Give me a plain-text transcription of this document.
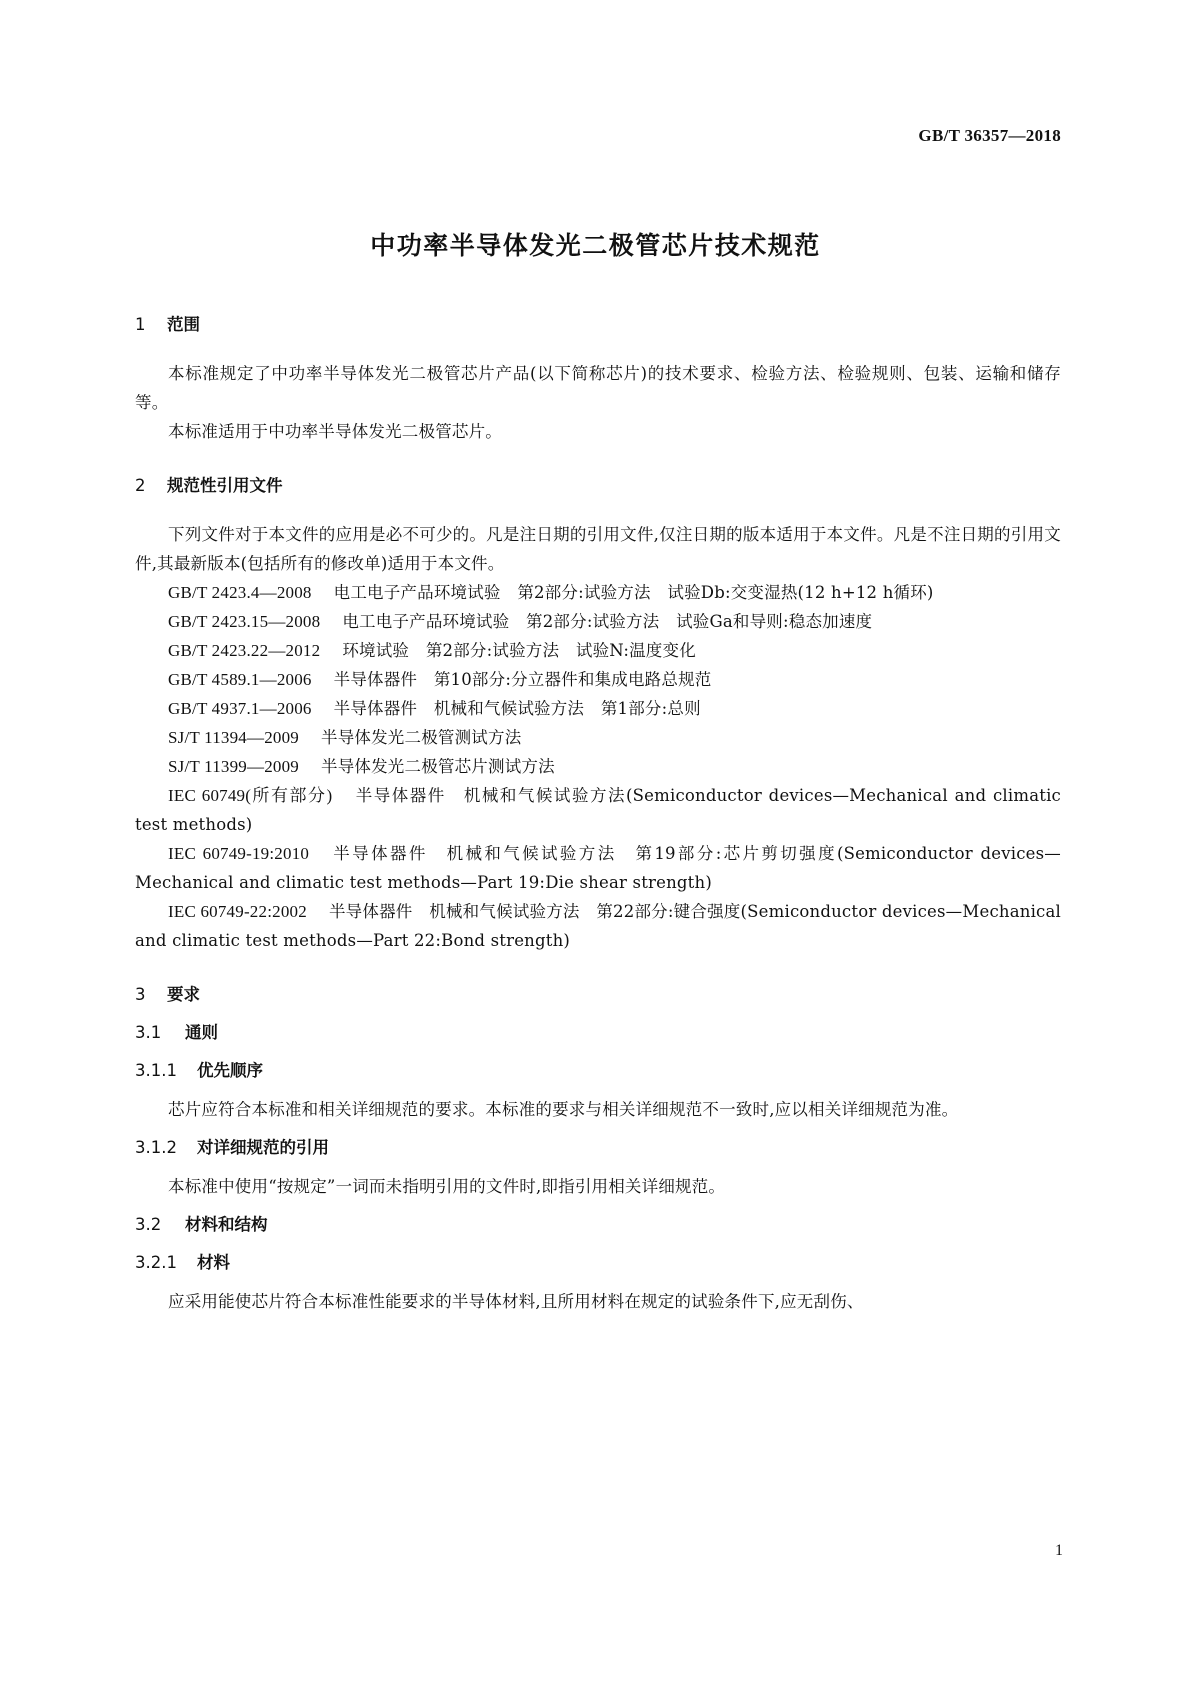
GB/T 36357—2018
中功率半导体发光二极管芯片技术规范
1 范围

本标准规定了中功率半导体发光二极管芯片产品(以下简称芯片)的技术要求、检验方法、检验规则、包装、运输和储存等。

本标准适用于中功率半导体发光二极管芯片。

2 规范性引用文件

下列文件对于本文件的应用是必不可少的。凡是注日期的引用文件,仅注日期的版本适用于本文件。凡是不注日期的引用文件,其最新版本(包括所有的修改单)适用于本文件。

GB/T 2423.4—2008 电工电子产品环境试验　第2部分:试验方法　试验Db:交变湿热(12 h+12 h循环)

GB/T 2423.15—2008 电工电子产品环境试验　第2部分:试验方法　试验Ga和导则:稳态加速度

GB/T 2423.22—2012 环境试验　第2部分:试验方法　试验N:温度变化

GB/T 4589.1—2006 半导体器件　第10部分:分立器件和集成电路总规范

GB/T 4937.1—2006 半导体器件　机械和气候试验方法　第1部分:总则

SJ/T 11394—2009 半导体发光二极管测试方法

SJ/T 11399—2009 半导体发光二极管芯片测试方法

IEC 60749(所有部分) 半导体器件　机械和气候试验方法(Semiconductor devices—Mechanical and climatic test methods)

IEC 60749-19:2010 半导体器件　机械和气候试验方法　第19部分:芯片剪切强度(Semiconductor devices—Mechanical and climatic test methods—Part 19:Die shear strength)

IEC 60749-22:2002 半导体器件　机械和气候试验方法　第22部分:键合强度(Semiconductor devices—Mechanical and climatic test methods—Part 22:Bond strength)

3 要求
3.1 通则
3.1.1 优先顺序

芯片应符合本标准和相关详细规范的要求。本标准的要求与相关详细规范不一致时,应以相关详细规范为准。

3.1.2 对详细规范的引用

本标准中使用“按规定”一词而未指明引用的文件时,即指引用相关详细规范。

3.2 材料和结构
3.2.1 材料

应采用能使芯片符合本标准性能要求的半导体材料,且所用材料在规定的试验条件下,应无刮伤、

1
